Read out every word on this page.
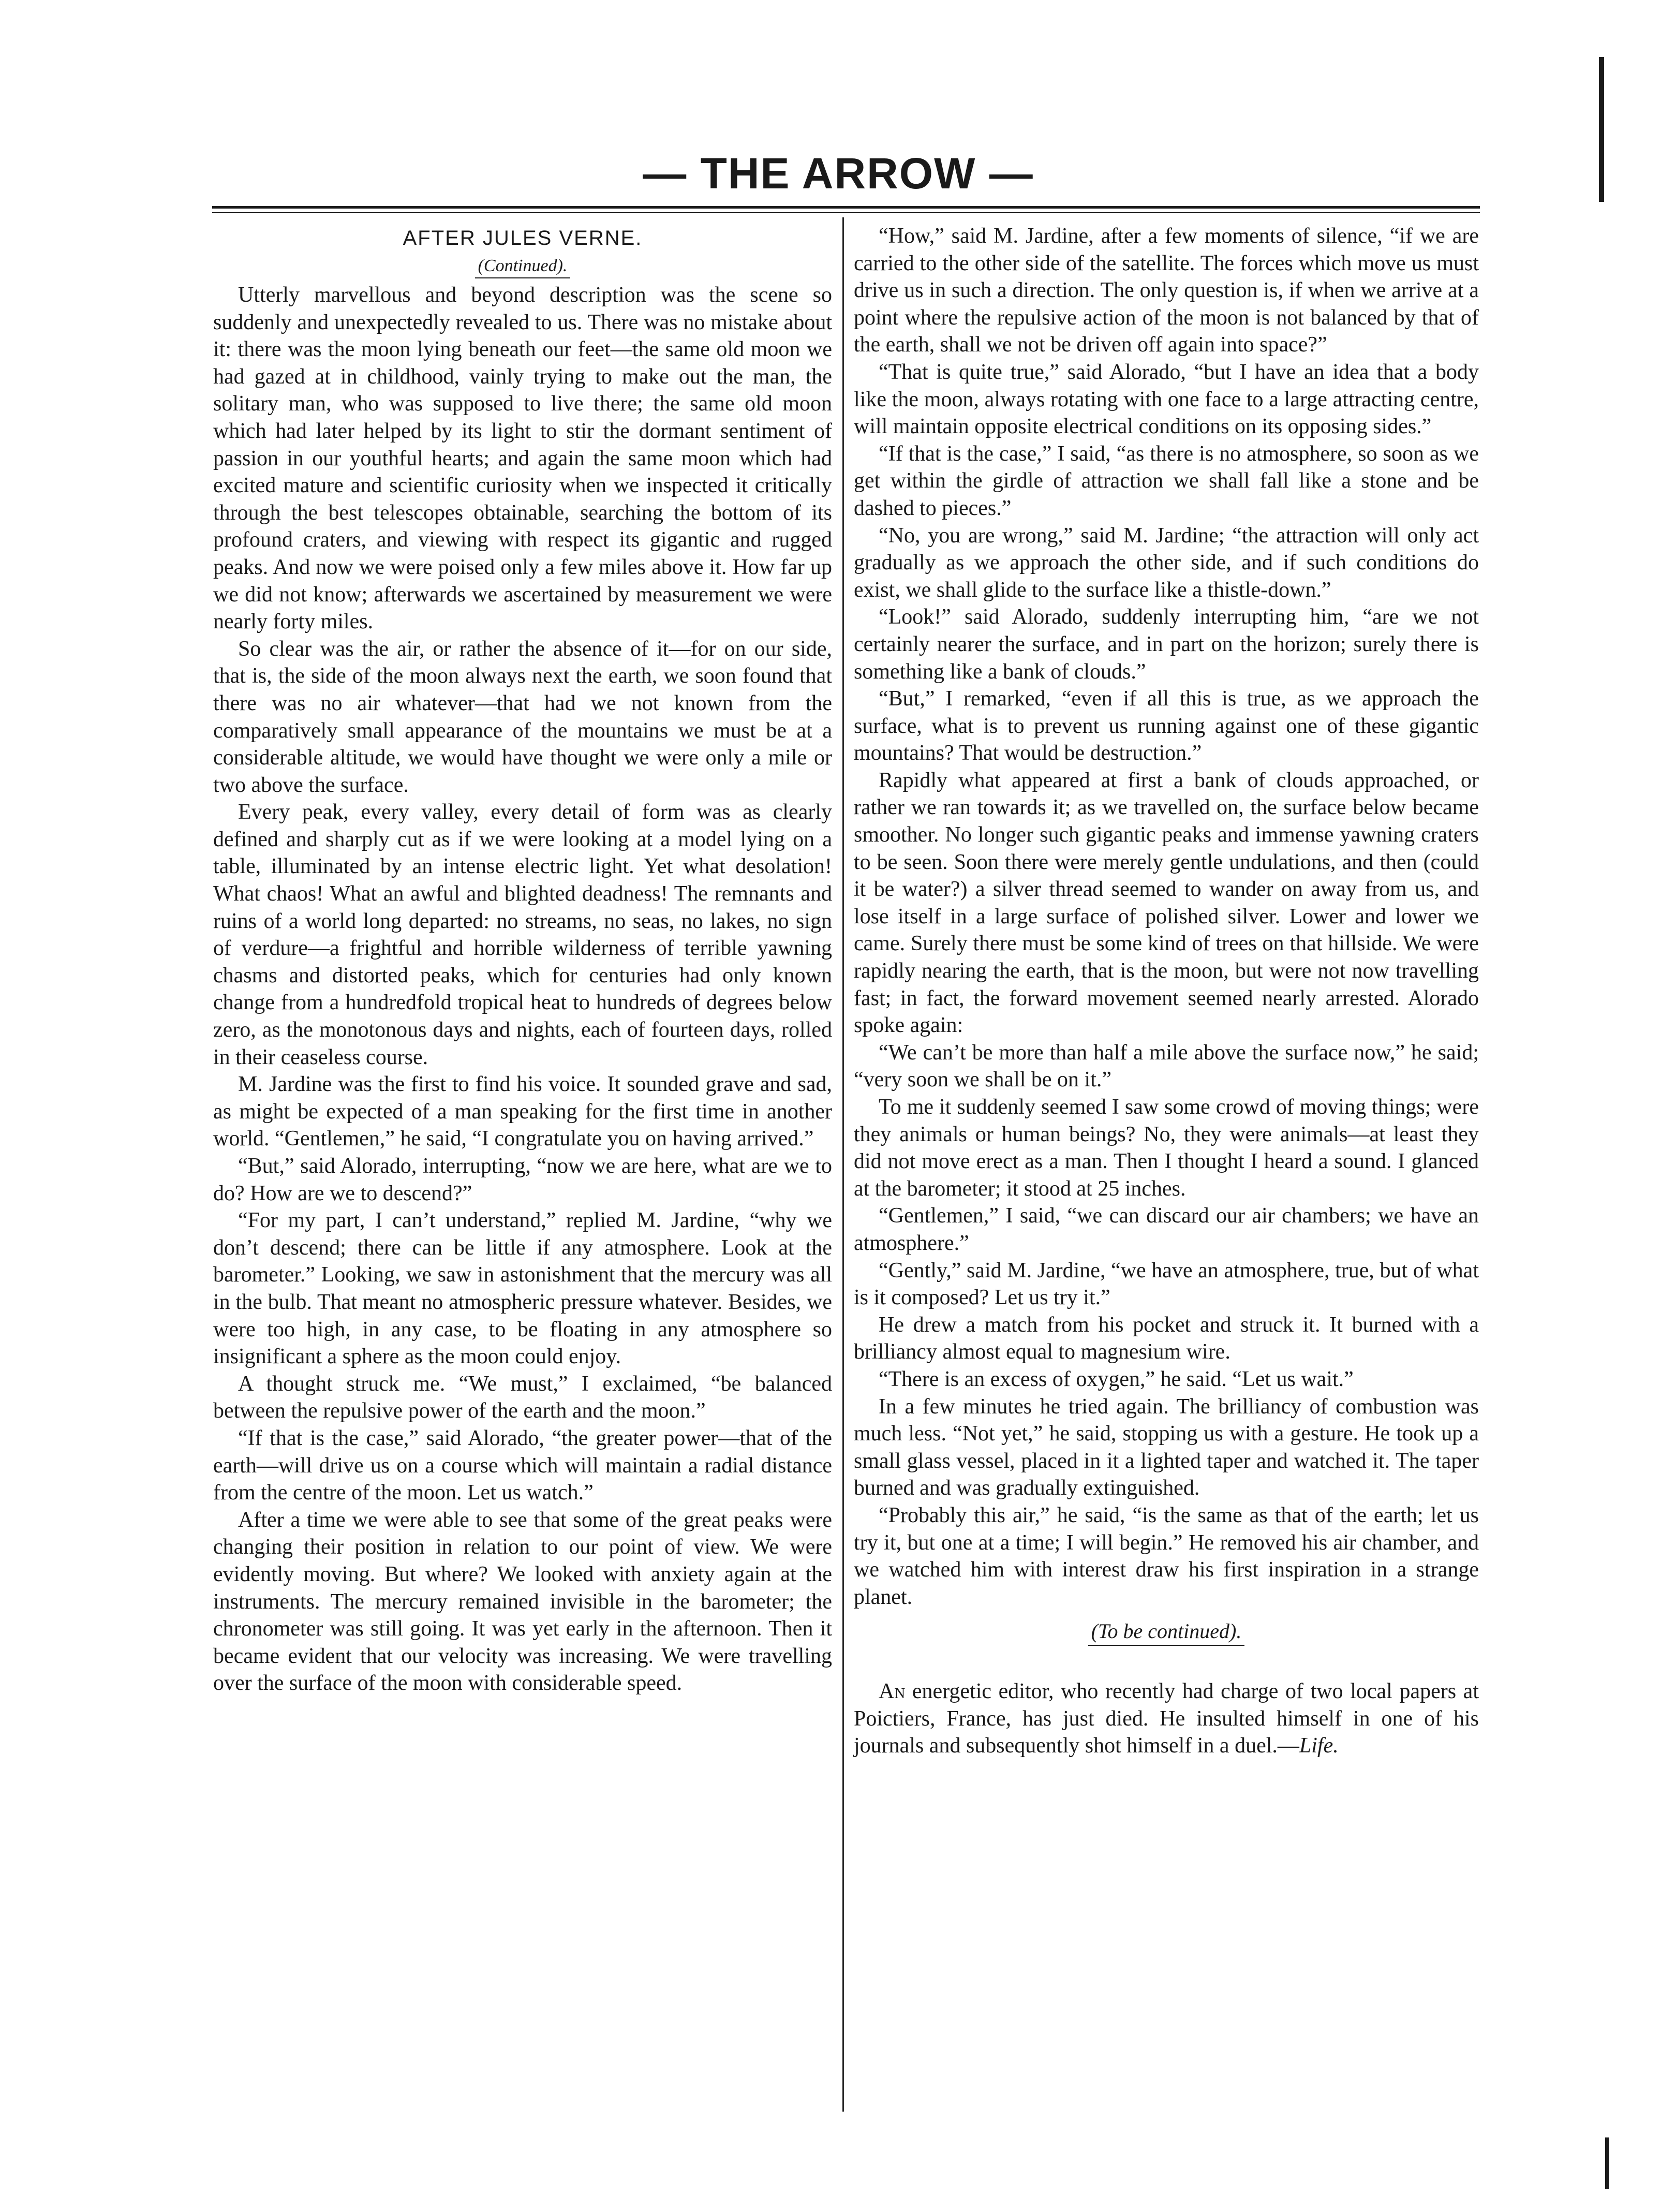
— THE ARROW —
AFTER JULES VERNE.
(Continued).

Utterly marvellous and beyond description was the scene so suddenly and unexpectedly revealed to us. There was no mistake about it: there was the moon lying beneath our feet—the same old moon we had gazed at in childhood, vainly trying to make out the man, the solitary man, who was supposed to live there; the same old moon which had later helped by its light to stir the dormant sentiment of passion in our youthful hearts; and again the same moon which had excited mature and scientific curiosity when we inspected it critically through the best telescopes obtainable, searching the bottom of its profound craters, and viewing with respect its gigantic and rugged peaks. And now we were poised only a few miles above it. How far up we did not know; afterwards we ascertained by measurement we were nearly forty miles.

So clear was the air, or rather the absence of it—for on our side, that is, the side of the moon always next the earth, we soon found that there was no air whatever—that had we not known from the comparatively small appearance of the mountains we must be at a considerable altitude, we would have thought we were only a mile or two above the surface.

Every peak, every valley, every detail of form was as clearly defined and sharply cut as if we were looking at a model lying on a table, illuminated by an intense electric light. Yet what desolation! What chaos! What an awful and blighted deadness! The remnants and ruins of a world long departed: no streams, no seas, no lakes, no sign of verdure—a frightful and horrible wilderness of terrible yawning chasms and distorted peaks, which for centuries had only known change from a hundredfold tropical heat to hundreds of degrees below zero, as the monotonous days and nights, each of fourteen days, rolled in their ceaseless course.

M. Jardine was the first to find his voice. It sounded grave and sad, as might be expected of a man speaking for the first time in another world. “Gentlemen,” he said, “I congratulate you on having arrived.”

“But,” said Alorado, interrupting, “now we are here, what are we to do? How are we to descend?”

“For my part, I can’t understand,” replied M. Jardine, “why we don’t descend; there can be little if any atmosphere. Look at the barometer.” Looking, we saw in astonishment that the mercury was all in the bulb. That meant no atmospheric pressure whatever. Besides, we were too high, in any case, to be floating in any atmosphere so insignificant a sphere as the moon could enjoy.

A thought struck me. “We must,” I exclaimed, “be balanced between the repulsive power of the earth and the moon.”

“If that is the case,” said Alorado, “the greater power—that of the earth—will drive us on a course which will maintain a radial distance from the centre of the moon. Let us watch.”

After a time we were able to see that some of the great peaks were changing their position in relation to our point of view. We were evidently moving. But where? We looked with anxiety again at the instruments. The mercury remained invisible in the barometer; the chronometer was still going. It was yet early in the afternoon. Then it became evident that our velocity was increasing. We were travelling over the surface of the moon with considerable speed.

“How,” said M. Jardine, after a few moments of silence, “if we are carried to the other side of the satellite. The forces which move us must drive us in such a direction. The only question is, if when we arrive at a point where the repulsive action of the moon is not balanced by that of the earth, shall we not be driven off again into space?”

“That is quite true,” said Alorado, “but I have an idea that a body like the moon, always rotating with one face to a large attracting centre, will maintain opposite electrical conditions on its opposing sides.”

“If that is the case,” I said, “as there is no atmosphere, so soon as we get within the girdle of attraction we shall fall like a stone and be dashed to pieces.”

“No, you are wrong,” said M. Jardine; “the attraction will only act gradually as we approach the other side, and if such conditions do exist, we shall glide to the surface like a thistle-down.”

“Look!” said Alorado, suddenly interrupting him, “are we not certainly nearer the surface, and in part on the horizon; surely there is something like a bank of clouds.”

“But,” I remarked, “even if all this is true, as we approach the surface, what is to prevent us running against one of these gigantic mountains? That would be destruction.”

Rapidly what appeared at first a bank of clouds approached, or rather we ran towards it; as we travelled on, the surface below became smoother. No longer such gigantic peaks and immense yawning craters to be seen. Soon there were merely gentle undulations, and then (could it be water?) a silver thread seemed to wander on away from us, and lose itself in a large surface of polished silver. Lower and lower we came. Surely there must be some kind of trees on that hillside. We were rapidly nearing the earth, that is the moon, but were not now travelling fast; in fact, the forward movement seemed nearly arrested. Alorado spoke again:

“We can’t be more than half a mile above the surface now,” he said; “very soon we shall be on it.”

To me it suddenly seemed I saw some crowd of moving things; were they animals or human beings? No, they were animals—at least they did not move erect as a man. Then I thought I heard a sound. I glanced at the barometer; it stood at 25 inches.

“Gentlemen,” I said, “we can discard our air chambers; we have an atmosphere.”

“Gently,” said M. Jardine, “we have an atmosphere, true, but of what is it composed? Let us try it.”

He drew a match from his pocket and struck it. It burned with a brilliancy almost equal to magnesium wire.

“There is an excess of oxygen,” he said. “Let us wait.”

In a few minutes he tried again. The brilliancy of combustion was much less. “Not yet,” he said, stopping us with a gesture. He took up a small glass vessel, placed in it a lighted taper and watched it. The taper burned and was gradually extinguished.

“Probably this air,” he said, “is the same as that of the earth; let us try it, but one at a time; I will begin.” He removed his air chamber, and we watched him with interest draw his first inspiration in a strange planet.

(To be continued).

An energetic editor, who recently had charge of two local papers at Poictiers, France, has just died. He insulted himself in one of his journals and subsequently shot himself in a duel.—Life.
